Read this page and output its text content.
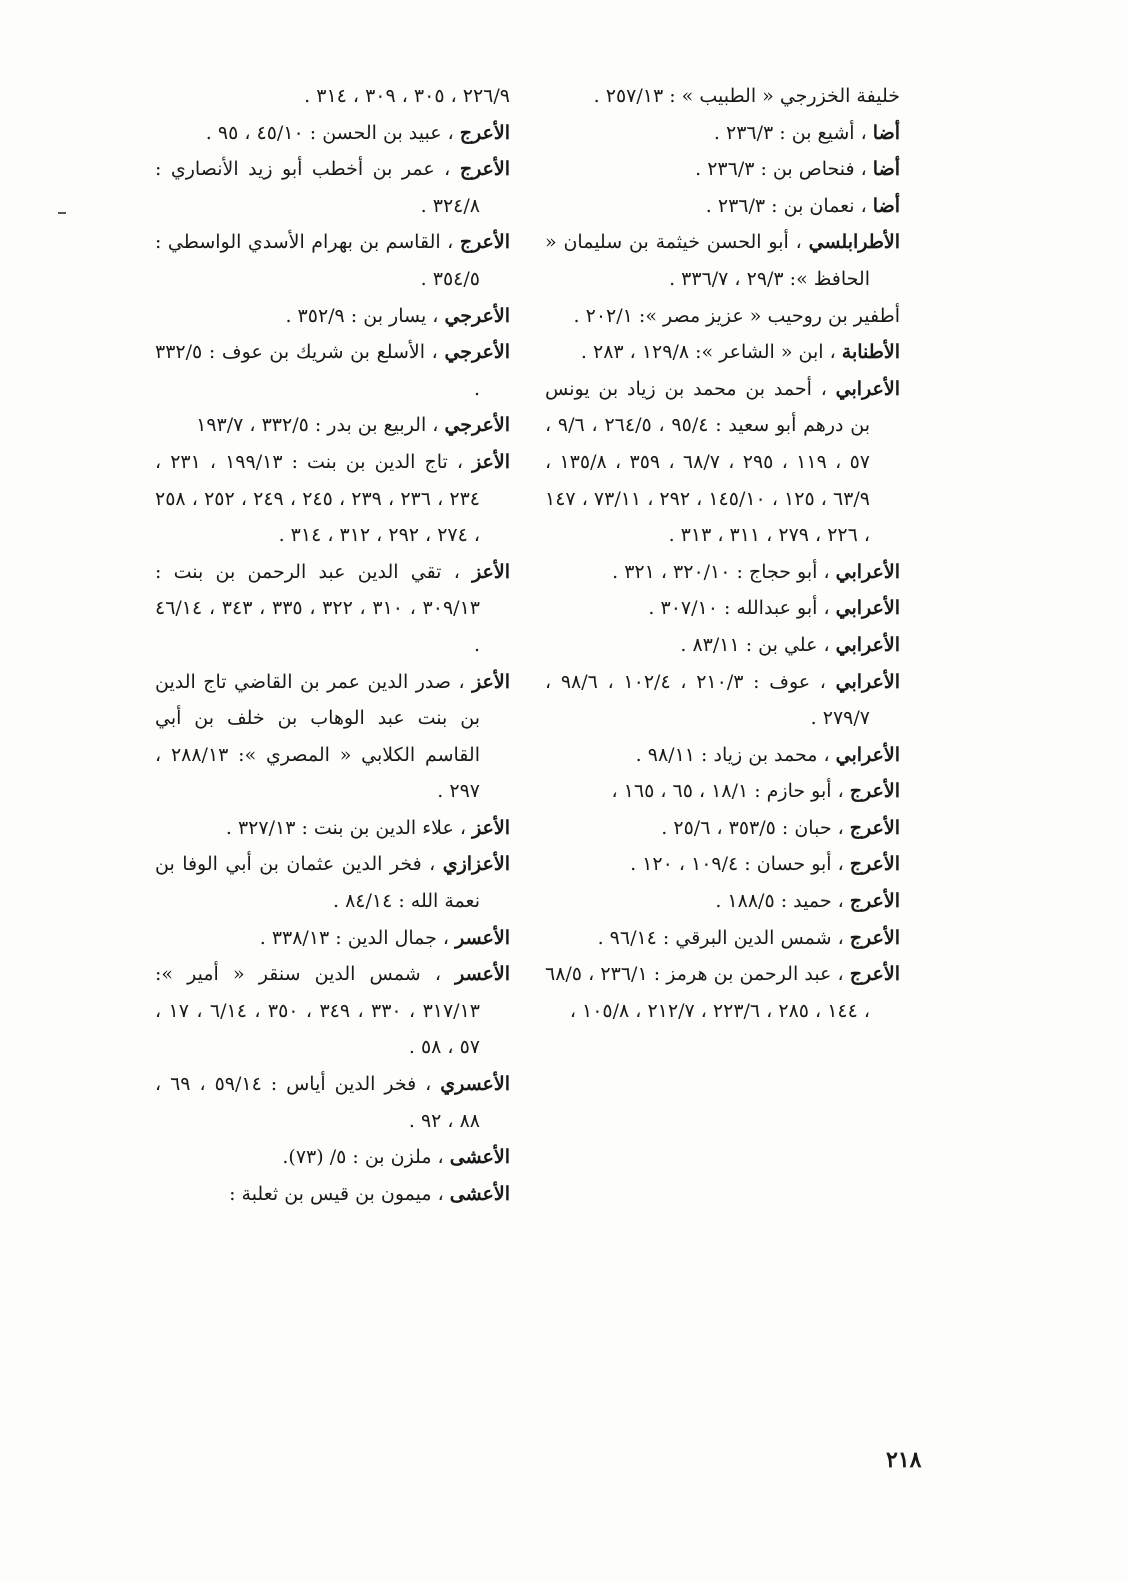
خليفة الخزرجي « الطبيب » : ٢٥٧/١٣ .
أضا ، أشيع بن : ٢٣٦/٣ .
أضا ، فنحاص بن : ٢٣٦/٣ .
أضا ، نعمان بن : ٢٣٦/٣ .
الأطرابلسي ، أبو الحسن خيثمة بن سليمان « الحافظ »: ٢٩/٣ ، ٣٣٦/٧ .
أطفير بن روحيب « عزيز مصر »: ٢٠٢/١ .
الأطنابة ، ابن « الشاعر »: ١٢٩/٨ ، ٢٨٣ .
الأعرابي ، أحمد بن محمد بن زياد بن يونس بن درهم أبو سعيد : ٩٥/٤ ، ٢٦٤/٥ ، ٩/٦ ، ٥٧ ، ١١٩ ، ٢٩٥ ، ٦٨/٧ ، ٣٥٩ ، ١٣٥/٨ ، ٦٣/٩ ، ١٢٥ ، ١٤٥/١٠ ، ٢٩٢ ، ٧٣/١١ ، ١٤٧ ، ٢٢٦ ، ٢٧٩ ، ٣١١ ، ٣١٣ .
الأعرابي ، أبو حجاج : ٣٢٠/١٠ ، ٣٢١ .
الأعرابي ، أبو عبدالله : ٣٠٧/١٠ .
الأعرابي ، علي بن : ٨٣/١١ .
الأعرابي ، عوف : ٢١٠/٣ ، ١٠٢/٤ ، ٩٨/٦ ، ٢٧٩/٧ .
الأعرابي ، محمد بن زياد : ٩٨/١١ .
الأعرج ، أبو حازم : ١٨/١ ، ٦٥ ، ١٦٥ ،
الأعرج ، حبان : ٣٥٣/٥ ، ٢٥/٦ .
الأعرج ، أبو حسان : ١٠٩/٤ ، ١٢٠ .
الأعرج ، حميد : ١٨٨/٥ .
الأعرج ، شمس الدين البرقي : ٩٦/١٤ .
الأعرج ، عبد الرحمن بن هرمز : ٢٣٦/١ ، ٦٨/٥ ، ١٤٤ ، ٢٨٥ ، ٢٢٣/٦ ، ٢١٢/٧ ، ١٠٥/٨ ،
٢٢٦/٩ ، ٣٠٥ ، ٣٠٩ ، ٣١٤ .
الأعرج ، عبيد بن الحسن : ٤٥/١٠ ، ٩٥ .
الأعرج ، عمر بن أخطب أبو زيد الأنصاري : ٣٢٤/٨ .
الأعرج ، القاسم بن بهرام الأسدي الواسطي : ٣٥٤/٥ .
الأعرجي ، يسار بن : ٣٥٢/٩ .
الأعرجي ، الأسلع بن شريك بن عوف : ٣٣٢/٥ .
الأعرجي ، الربيع بن بدر : ٣٣٢/٥ ، ١٩٣/٧
الأعز ، تاج الدين بن بنت : ١٩٩/١٣ ، ٢٣١ ، ٢٣٤ ، ٢٣٦ ، ٢٣٩ ، ٢٤٥ ، ٢٤٩ ، ٢٥٢ ، ٢٥٨ ، ٢٧٤ ، ٢٩٢ ، ٣١٢ ، ٣١٤ .
الأعز ، تقي الدين عبد الرحمن بن بنت : ٣٠٩/١٣ ، ٣١٠ ، ٣٢٢ ، ٣٣٥ ، ٣٤٣ ، ٤٦/١٤ .
الأعز ، صدر الدين عمر بن القاضي تاج الدين بن بنت عبد الوهاب بن خلف بن أبي القاسم الكلابي « المصري »: ٢٨٨/١٣ ، ٢٩٧ .
الأعز ، علاء الدين بن بنت : ٣٢٧/١٣ .
الأعزازي ، فخر الدين عثمان بن أبي الوفا بن نعمة الله : ٨٤/١٤ .
الأعسر ، جمال الدين : ٣٣٨/١٣ .
الأعسر ، شمس الدين سنقر « أمير »: ٣١٧/١٣ ، ٣٣٠ ، ٣٤٩ ، ٣٥٠ ، ٦/١٤ ، ١٧ ، ٥٧ ، ٥٨ .
الأعسري ، فخر الدين أياس : ٥٩/١٤ ، ٦٩ ، ٨٨ ، ٩٢ .
الأعشى ، ملزن بن : ٥/ (٧٣).
الأعشى ، ميمون بن قيس بن ثعلبة :
٢١٨
